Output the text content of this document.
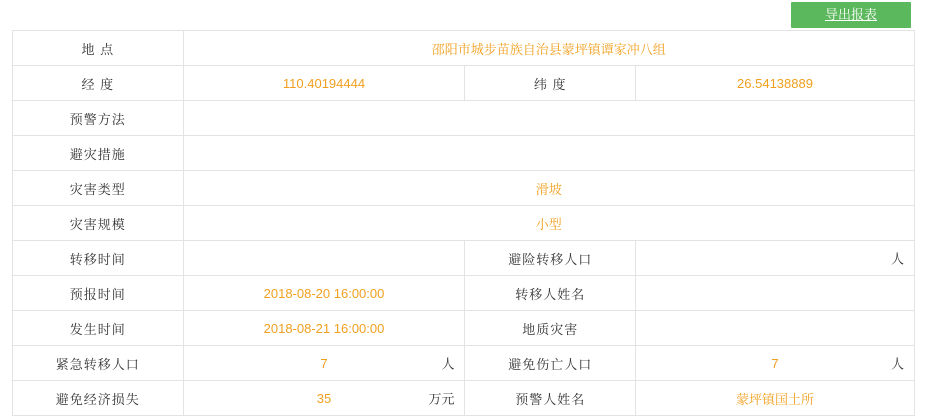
导出报表
地 点	邵阳市城步苗族自治县蒙坪镇谭家冲八组		
经 度	110.40194444	纬 度	26.54138889
预警方法			
避灾措施			
灾害类型	滑坡		
灾害规模	小型		
转移时间		避险转移人口	人

预报时间	2018-08-20 16:00:00	转移人姓名	
发生时间	2018-08-21 16:00:00	地质灾害	
紧急转移人口	7 人	避免伤亡人口	7 人

避免经济损失	35 万元	预警人姓名	蒙坪镇国土所
